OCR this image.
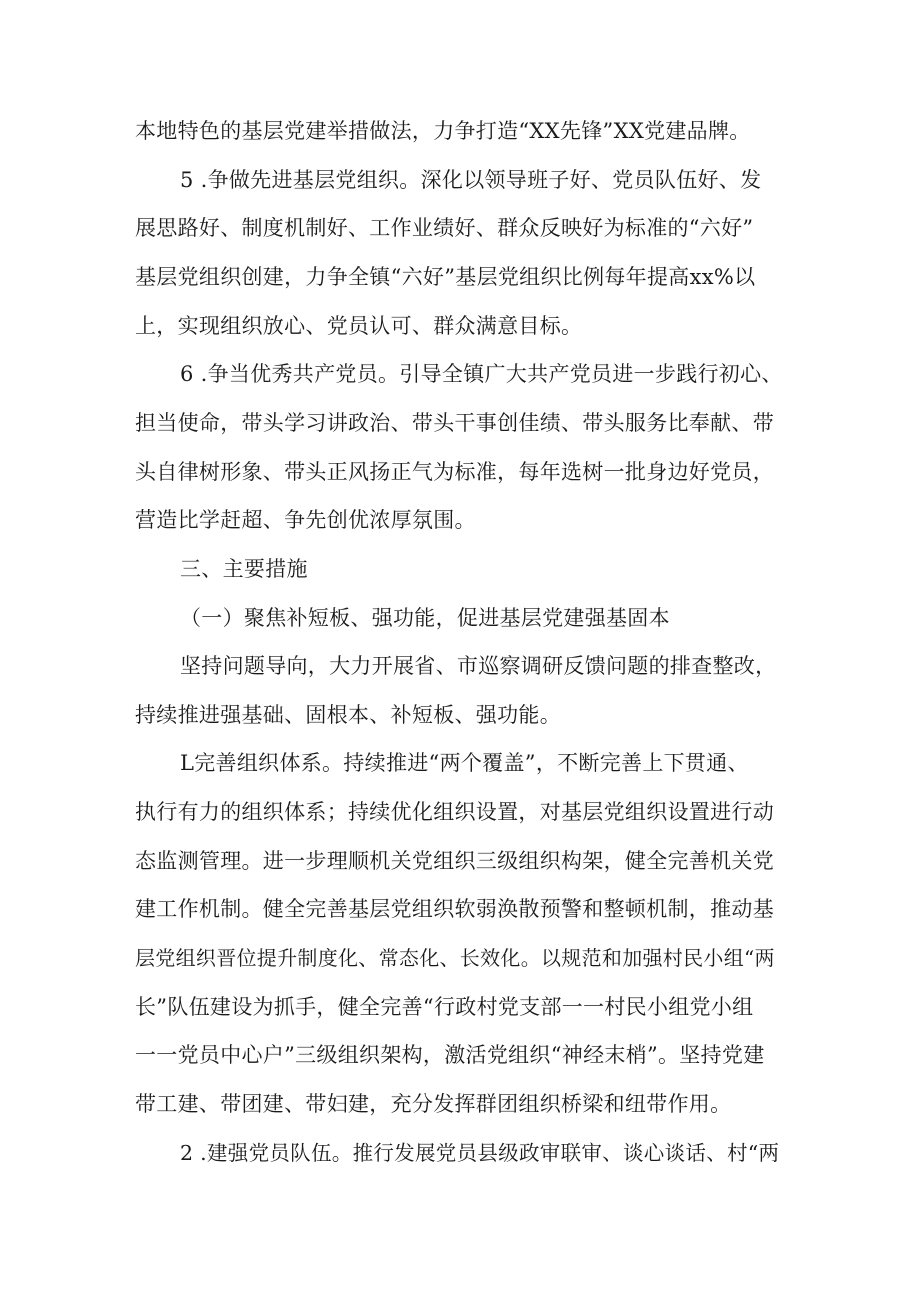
本地特色的基层党建举措做法，力争打造“XX先锋”XX党建品牌。
5 .争做先进基层党组织。深化以领导班子好、党员队伍好、发
展思路好、制度机制好、工作业绩好、群众反映好为标准的“六好”
基层党组织创建，力争全镇“六好”基层党组织比例每年提高xx%以
上，实现组织放心、党员认可、群众满意目标。
6 .争当优秀共产党员。引导全镇广大共产党员进一步践行初心、
担当使命，带头学习讲政治、带头干事创佳绩、带头服务比奉献、带
头自律树形象、带头正风扬正气为标准，每年选树一批身边好党员，
营造比学赶超、争先创优浓厚氛围。
三、主要措施
（一）聚焦补短板、强功能，促进基层党建强基固本
坚持问题导向，大力开展省、市巡察调研反馈问题的排查整改，
持续推进强基础、固根本、补短板、强功能。
L完善组织体系。持续推进“两个覆盖”，不断完善上下贯通、
执行有力的组织体系；持续优化组织设置，对基层党组织设置进行动
态监测管理。进一步理顺机关党组织三级组织构架，健全完善机关党
建工作机制。健全完善基层党组织软弱涣散预警和整顿机制，推动基
层党组织晋位提升制度化、常态化、长效化。以规范和加强村民小组“两
长”队伍建设为抓手，健全完善“行政村党支部一一村民小组党小组
一一党员中心户”三级组织架构，激活党组织“神经末梢”。坚持党建
带工建、带团建、带妇建，充分发挥群团组织桥梁和纽带作用。
2 .建强党员队伍。推行发展党员县级政审联审、谈心谈话、村“两
